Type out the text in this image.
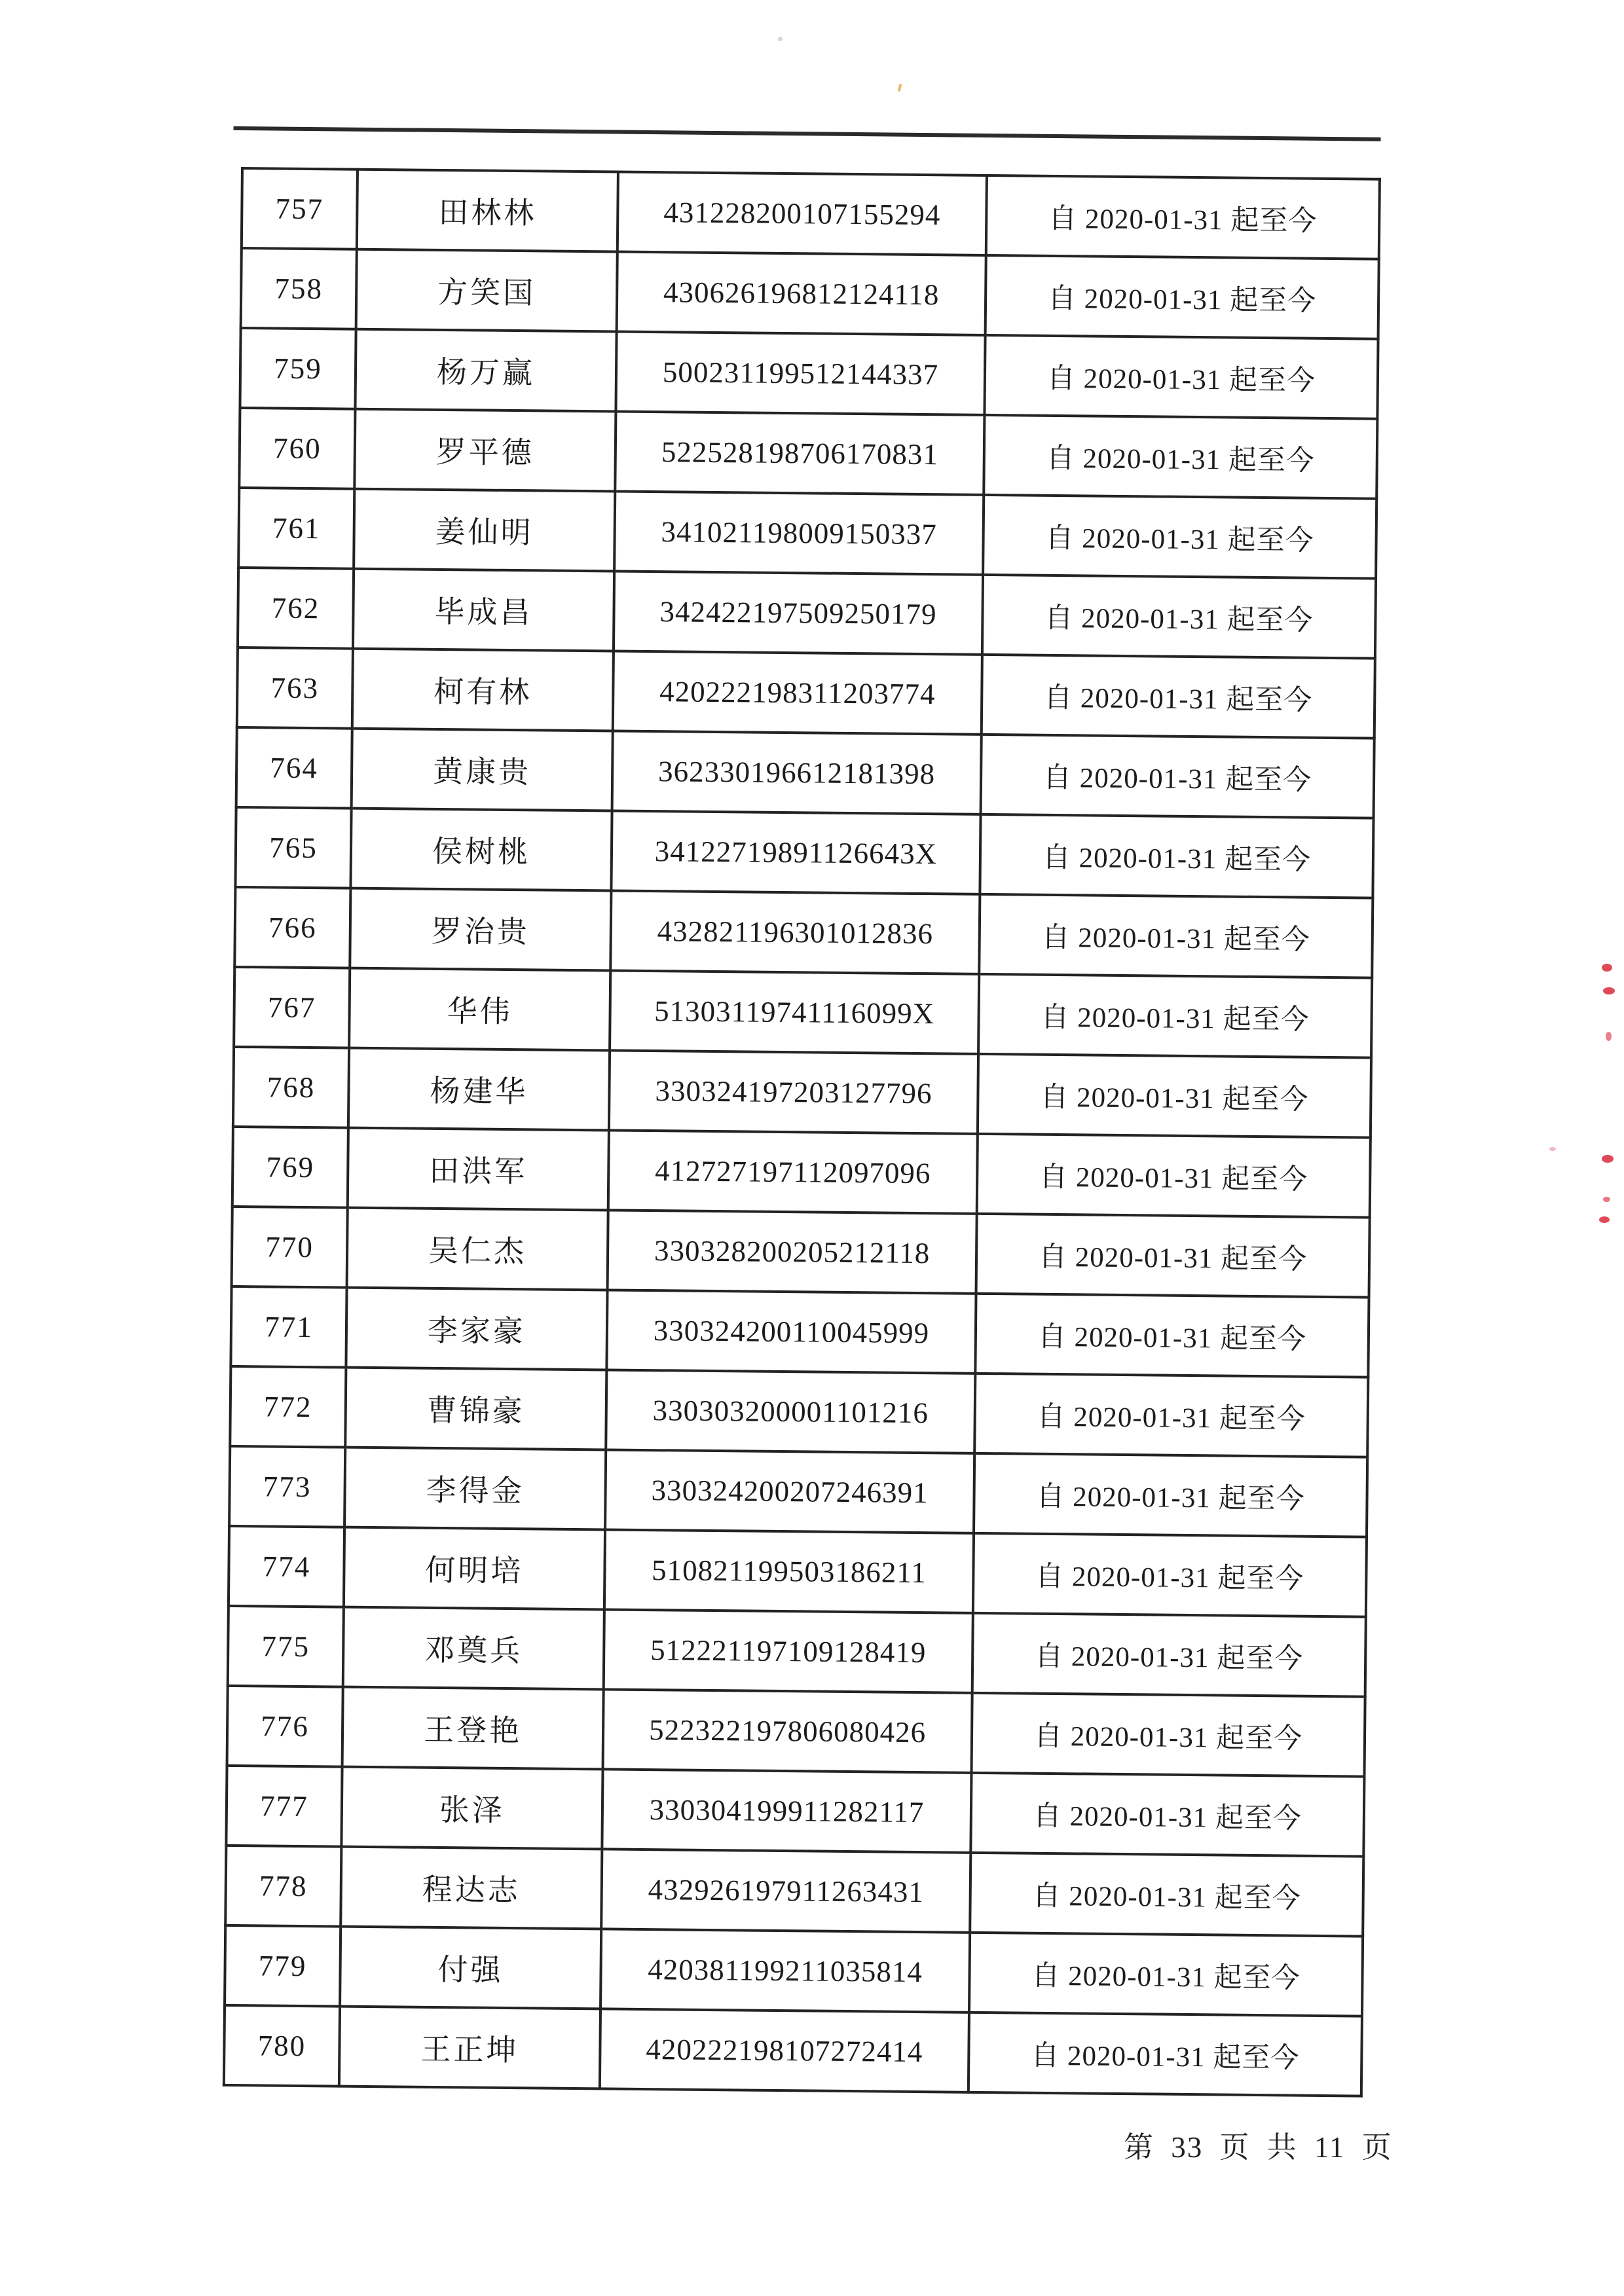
757	田林林	431228200107155294	自 2020-01-31 起至今
758	方笑国	430626196812124118	自 2020-01-31 起至今
759	杨万赢	500231199512144337	自 2020-01-31 起至今
760	罗平德	522528198706170831	自 2020-01-31 起至今
761	姜仙明	341021198009150337	自 2020-01-31 起至今
762	毕成昌	342422197509250179	自 2020-01-31 起至今
763	柯有林	420222198311203774	自 2020-01-31 起至今
764	黄康贵	362330196612181398	自 2020-01-31 起至今
765	侯树桃	34122719891126643X	自 2020-01-31 起至今
766	罗治贵	432821196301012836	自 2020-01-31 起至今
767	华伟	51303119741116099X	自 2020-01-31 起至今
768	杨建华	330324197203127796	自 2020-01-31 起至今
769	田洪军	412727197112097096	自 2020-01-31 起至今
770	吴仁杰	330328200205212118	自 2020-01-31 起至今
771	李家豪	330324200110045999	自 2020-01-31 起至今
772	曹锦豪	330303200001101216	自 2020-01-31 起至今
773	李得金	330324200207246391	自 2020-01-31 起至今
774	何明培	510821199503186211	自 2020-01-31 起至今
775	邓奠兵	512221197109128419	自 2020-01-31 起至今
776	王登艳	522322197806080426	自 2020-01-31 起至今
777	张泽	330304199911282117	自 2020-01-31 起至今
778	程达志	432926197911263431	自 2020-01-31 起至今
779	付强	420381199211035814	自 2020-01-31 起至今
780	王正坤	420222198107272414	自 2020-01-31 起至今
第 33 页 共 11 页
